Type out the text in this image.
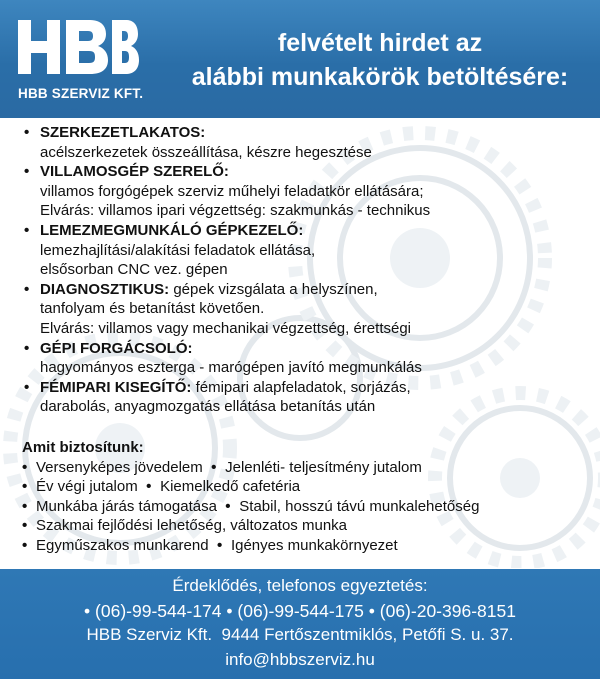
HBB SZERVIZ KFT.
felvételt hirdet az
alábbi munkakörök betöltésére:
• SZERKEZETLAKATOS:
acélszerkezetek összeállítása, készre hegesztése
• VILLAMOSGÉP SZERELŐ:
villamos forgógépek szerviz műhelyi feladatkör ellátására;
Elvárás: villamos ipari végzettség: szakmunkás - technikus
• LEMEZMEGMUNKÁLÓ GÉPKEZELŐ:
lemezhajlítási/alakítási feladatok ellátása,
elsősorban CNC vez. gépen
• DIAGNOSZTIKUS: gépek vizsgálata a helyszínen,
tanfolyam és betanítást követően.
Elvárás: villamos vagy mechanikai végzettség, érettségi
• GÉPI FORGÁCSOLÓ:
hagyományos eszterga - marógépen javító megmunkálás
• FÉMIPARI KISEGÍTŐ: fémipari alapfeladatok, sorjázás,
darabolás, anyagmozgatás ellátása betanítás után
Amit biztosítunk:
• Versenyképes jövedelem • Jelenléti- teljesítmény jutalom
• Év végi jutalom • Kiemelkedő cafetéria
• Munkába járás támogatása • Stabil, hosszú távú munkalehetőség
• Szakmai fejlődési lehetőség, változatos munka
• Egyműszakos munkarend • Igényes munkakörnyezet
Érdeklődés, telefonos egyeztetés:
• (06)-99-544-174 • (06)-99-544-175 • (06)-20-396-8151
HBB Szerviz Kft.  9444 Fertőszentmiklós, Petőfi S. u. 37.
info@hbbszerviz.hu
